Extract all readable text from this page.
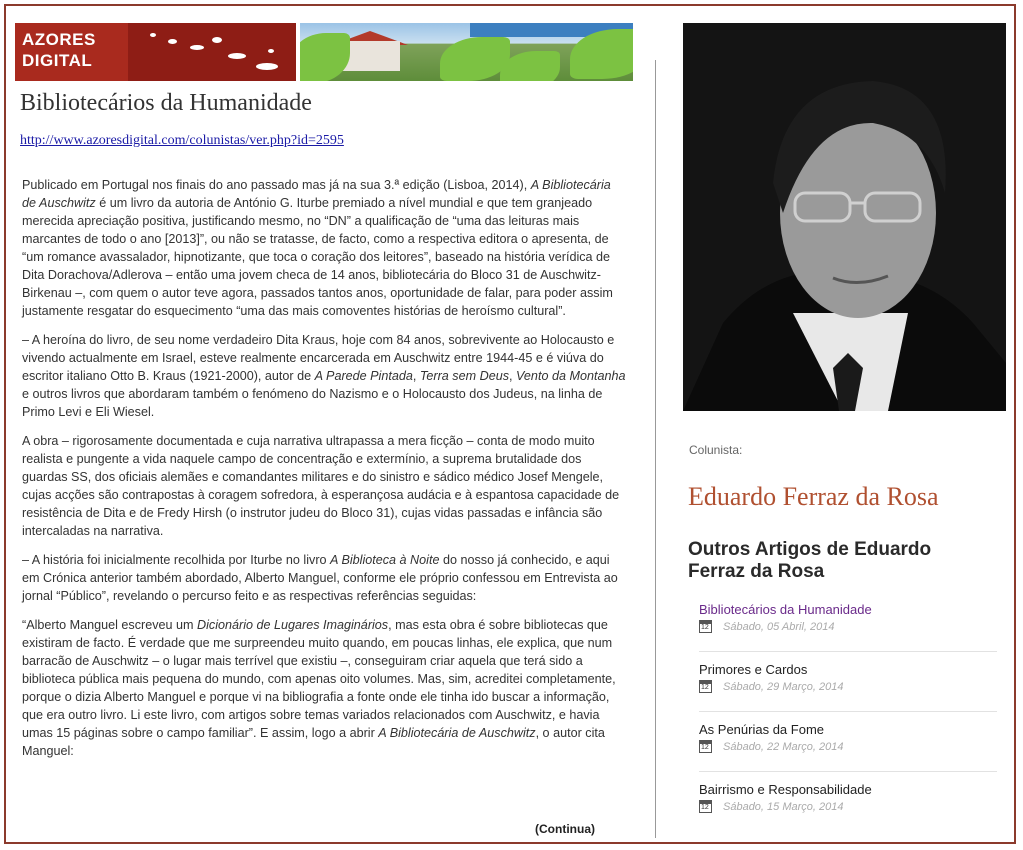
AZORES
DIGITAL
Bibliotecários da Humanidade
http://www.azoresdigital.com/colunistas/ver.php?id=2595

Publicado em Portugal nos finais do ano passado mas já na sua 3.ª edição (Lisboa, 2014), A Bibliotecária de Auschwitz é um livro da autoria de António G. Iturbe premiado a nível mundial e que tem granjeado merecida apreciação positiva, justificando mesmo, no “DN” a qualificação de “uma das leituras mais marcantes de todo o ano [2013]”, ou não se tratasse, de facto, como a respectiva editora o apresenta, de “um romance avassalador, hipnotizante, que toca o coração dos leitores”, baseado na história verídica de Dita Dorachova/Adlerova – então uma jovem checa de 14 anos, bibliotecária do Bloco 31 de Auschwitz-Birkenau –, com quem o autor teve agora, passados tantos anos, oportunidade de falar, para poder assim justamente resgatar do esquecimento “uma das mais comoventes histórias de heroísmo cultural”.

– A heroína do livro, de seu nome verdadeiro Dita Kraus, hoje com 84 anos, sobrevivente ao Holocausto e vivendo actualmente em Israel, esteve realmente encarcerada em Auschwitz entre 1944-45 e é viúva do escritor italiano Otto B. Kraus (1921-2000), autor de A Parede Pintada, Terra sem Deus, Vento da Montanha e outros livros que abordaram também o fenómeno do Nazismo e o Holocausto dos Judeus, na linha de Primo Levi e Eli Wiesel.

A obra – rigorosamente documentada e cuja narrativa ultrapassa a mera ficção – conta de modo muito realista e pungente a vida naquele campo de concentração e extermínio, a suprema brutalidade dos guardas SS, dos oficiais alemães e comandantes militares e do sinistro e sádico médico Josef Mengele, cujas acções são contrapostas à coragem sofredora, à esperançosa audácia e à espantosa capacidade de resistência de Dita e de Fredy Hirsh (o instrutor judeu do Bloco 31), cujas vidas passadas e infância são intercaladas na narrativa.

– A história foi inicialmente recolhida por Iturbe no livro A Biblioteca à Noite do nosso já conhecido, e aqui em Crónica anterior também abordado, Alberto Manguel, conforme ele próprio confessou em Entrevista ao jornal “Público”, revelando o percurso feito e as respectivas referências seguidas:

“Alberto Manguel escreveu um Dicionário de Lugares Imaginários, mas esta obra é sobre bibliotecas que existiram de facto. É verdade que me surpreendeu muito quando, em poucas linhas, ele explica, que num barracão de Auschwitz – o lugar mais terrível que existiu –, conseguiram criar aquela que terá sido a biblioteca pública mais pequena do mundo, com apenas oito volumes. Mas, sim, acreditei completamente, porque o dizia Alberto Manguel e porque vi na bibliografia a fonte onde ele tinha ido buscar a informação, que era outro livro. Li este livro, com artigos sobre temas variados relacionados com Auschwitz, e havia umas 15 páginas sobre o campo familiar”. E assim, logo a abrir A Bibliotecária de Auschwitz, o autor cita Manguel:

(Continua)
Colunista:
Eduardo Ferraz da Rosa
Outros Artigos de Eduardo Ferraz da Rosa
Bibliotecários da Humanidade
12
Sábado, 05 Abril, 2014
Primores e Cardos
12
Sábado, 29 Março, 2014
As Penúrias da Fome
12
Sábado, 22 Março, 2014
Bairrismo e Responsabilidade
12
Sábado, 15 Março, 2014
